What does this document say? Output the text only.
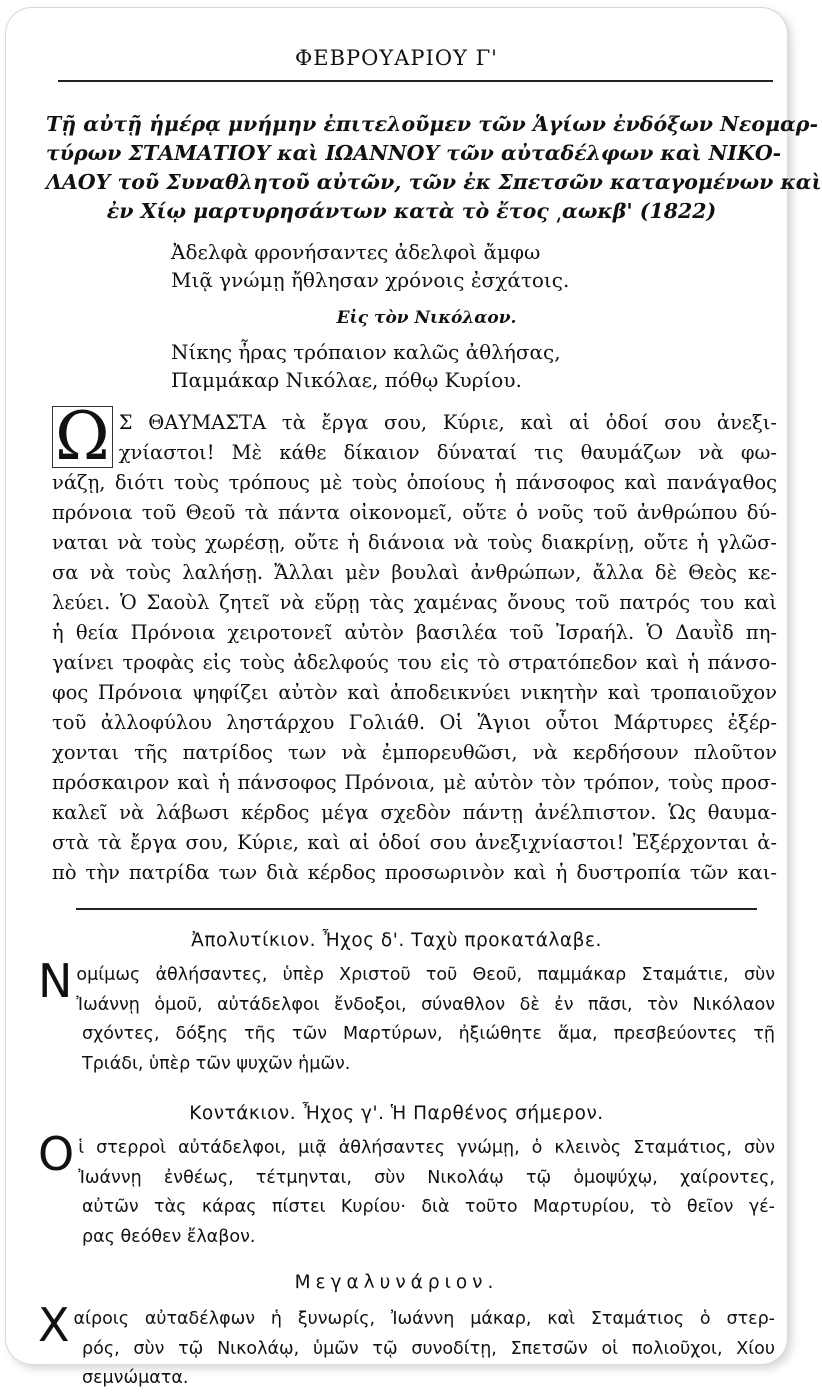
ΦΕΒΡΟΥΑΡΙΟΥ Γ'
Τῇ αὐτῇ ἡμέρᾳ μνήμην ἐπιτελοῦμεν τῶν Ἁγίων ἐνδόξων Νεομαρ-
τύρων ΣΤΑΜΑΤΙΟΥ καὶ ΙΩΑΝΝΟΥ τῶν αὐταδέλφων καὶ ΝΙΚΟ-
ΛΑΟΥ τοῦ Συναθλητοῦ αὐτῶν, τῶν ἐκ Σπετσῶν καταγομένων καὶ
ἐν Χίῳ μαρτυρησάντων κατὰ τὸ ἔτος ͵αωκβ' (1822)
Ἀδελφὰ φρονήσαντες ἀδελφοὶ ἄμφω
Μιᾷ γνώμῃ ἤθλησαν χρόνοις ἐσχάτοις.
Εἰς τὸν Νικόλαον.
Νίκης ἦρας τρόπαιον καλῶς ἀθλήσας,
Παμμάκαρ Νικόλαε, πόθῳ Κυρίου.
Ω Σ ΘΑΥΜΑΣΤΑ τὰ ἔργα σου, Κύριε, καὶ αἱ ὁδοί σου ἀνεξι-
χνίαστοι! Μὲ κάθε δίκαιον δύναταί τις θαυμάζων νὰ φω-
νάζῃ, διότι τοὺς τρόπους μὲ τοὺς ὁποίους ἡ πάνσοφος καὶ πανάγαθος
πρόνοια τοῦ Θεοῦ τὰ πάντα οἰκονομεῖ, οὔτε ὁ νοῦς τοῦ ἀνθρώπου δύ-
ναται νὰ τοὺς χωρέσῃ, οὔτε ἡ διάνοια νὰ τοὺς διακρίνῃ, οὔτε ἡ γλῶσ-
σα νὰ τοὺς λαλήσῃ. Ἄλλαι μὲν βουλαὶ ἀνθρώπων, ἄλλα δὲ Θεὸς κε-
λεύει. Ὁ Σαοὺλ ζητεῖ νὰ εὕρῃ τὰς χαμένας ὄνους τοῦ πατρός του καὶ
ἡ θεία Πρόνοια χειροτονεῖ αὐτὸν βασιλέα τοῦ Ἰσραήλ. Ὁ Δαυῒδ πη-
γαίνει τροφὰς εἰς τοὺς ἀδελφούς του εἰς τὸ στρατόπεδον καὶ ἡ πάνσο-
φος Πρόνοια ψηφίζει αὐτὸν καὶ ἀποδεικνύει νικητὴν καὶ τροπαιοῦχον
τοῦ ἀλλοφύλου ληστάρχου Γολιάθ. Οἱ Ἅγιοι οὗτοι Μάρτυρες ἐξέρ-
χονται τῆς πατρίδος των νὰ ἐμπορευθῶσι, νὰ κερδήσουν πλοῦτον
πρόσκαιρον καὶ ἡ πάνσοφος Πρόνοια, μὲ αὐτὸν τὸν τρόπον, τοὺς προσ-
καλεῖ νὰ λάβωσι κέρδος μέγα σχεδὸν πάντῃ ἀνέλπιστον. Ὡς θαυμα-
στὰ τὰ ἔργα σου, Κύριε, καὶ αἱ ὁδοί σου ἀνεξιχνίαστοι! Ἐξέρχονται ἀ-
πὸ τὴν πατρίδα των διὰ κέρδος προσωρινὸν καὶ ἡ δυστροπία τῶν και-
Ἀπολυτίκιον. Ἦχος δ'. Ταχὺ προκατάλαβε.
N ομίμως ἀθλήσαντες, ὑπὲρ Χριστοῦ τοῦ Θεοῦ, παμμάκαρ Σταμάτιε, σὺν
Ἰωάννῃ ὁμοῦ, αὐτάδελφοι ἔνδοξοι, σύναθλον δὲ ἐν πᾶσι, τὸν Νικόλαον
σχόντες, δόξης τῆς τῶν Μαρτύρων, ἠξιώθητε ἅμα, πρεσβεύοντες τῇ
Τριάδι, ὑπὲρ τῶν ψυχῶν ἡμῶν.
Κοντάκιον. Ἦχος γ'. Ἡ Παρθένος σήμερον.
O ἱ στερροὶ αὐτάδελφοι, μιᾷ ἀθλήσαντες γνώμῃ, ὁ κλεινὸς Σταμάτιος, σὺν
Ἰωάννῃ ἐνθέως, τέτμηνται, σὺν Νικολάῳ τῷ ὁμοψύχῳ, χαίροντες,
αὐτῶν τὰς κάρας πίστει Κυρίου· διὰ τοῦτο Μαρτυρίου, τὸ θεῖον γέ-
ρας θεόθεν ἔλαβον.
Μεγαλυνάριον.
X αίροις αὐταδέλφων ἡ ξυνωρίς, Ἰωάννη μάκαρ, καὶ Σταμάτιος ὁ στερ-
ρός, σὺν τῷ Νικολάῳ, ὑμῶν τῷ συνοδίτῃ, Σπετσῶν οἱ πολιοῦχοι, Χίου
σεμνώματα.
